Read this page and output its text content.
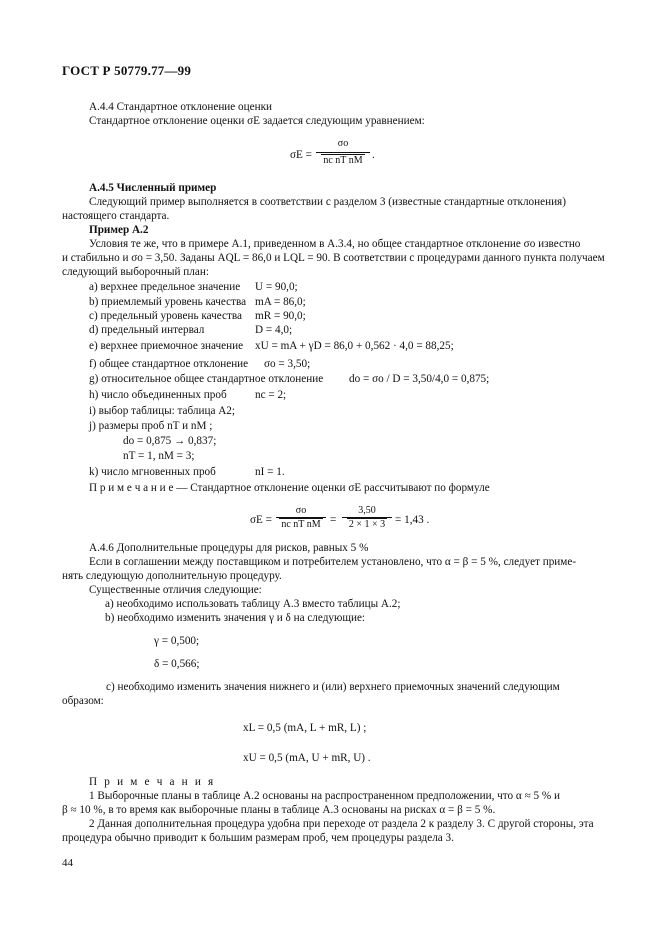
ГОСТ Р 50779.77—99
А.4.4 Стандартное отклонение оценки
Стандартное отклонение оценки σE задается следующим уравнением:
σE =
σo
nc nT nM .
А.4.5 Численный пример
Следующий пример выполняется в соответствии с разделом 3 (известные стандартные отклонения)
настоящего стандарта.
Пример А.2
Условия те же, что в примере А.1, приведенном в А.3.4, но общее стандартное отклонение σo известно
и стабильно и σo = 3,50. Заданы AQL = 86,0 и LQL = 90. В соответствии с процедурами данного пункта получаем
следующий выборочный план:
а) верхнее предельное значение U = 90,0;
b) приемлемый уровень качества mA = 86,0;
с) предельный уровень качества mR = 90,0;
d) предельный интервал	D = 4,0;
e) верхнее приемочное значение xU = mA + γD = 86,0 + 0,562 · 4,0 = 88,25;
f) общее стандартное отклонение σo = 3,50;
g) относительное общее стандартное отклонение do = σo / D = 3,50/4,0 = 0,875;
h) число объединенных проб	nc = 2;
i) выбор таблицы: таблица А2;
j) размеры проб nT и nM ;
do = 0,875 → 0,837;
nT = 1, nM = 3;
k) число мгновенных проб	nI = 1.
П р и м е ч а н и е — Стандартное отклонение оценки σE рассчитывают по формуле
σE =
σo
nc nT nM =
3,50
2 × 1 × 3 = 1,43 .
А.4.6 Дополнительные процедуры для рисков, равных 5 %
Если в соглашении между поставщиком и потребителем установлено, что α = β = 5 %, следует приме-
нять следующую дополнительную процедуру.
Существенные отличия следующие:
а) необходимо использовать таблицу А.3 вместо таблицы А.2;
b) необходимо изменить значения γ и δ на следующие:
γ = 0,500;
δ = 0,566;
с) необходимо изменить значения нижнего и (или) верхнего приемочных значений следующим
образом:
xL = 0,5 (mA, L + mR, L) ;
xU = 0,5 (mA, U + mR, U) .
П р и м е ч а н и я
1 Выборочные планы в таблице А.2 основаны на распространенном предположении, что α ≈ 5 % и
β ≈ 10 %, в то время как выборочные планы в таблице А.3 основаны на рисках α = β = 5 %.
2 Данная дополнительная процедура удобна при переходе от раздела 2 к разделу 3. С другой стороны, эта
процедура обычно приводит к большим размерам проб, чем процедуры раздела 3.
44
